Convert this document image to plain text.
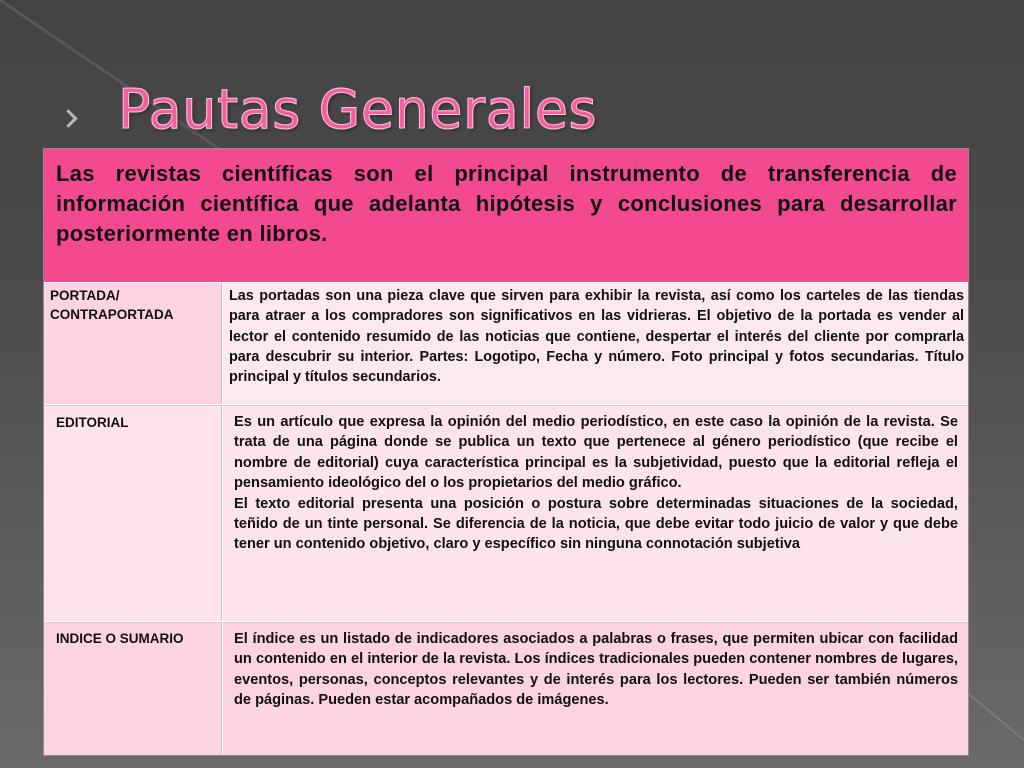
Pautas Generales
Las revistas científicas son el principal instrumento de transferencia de información científica que adelanta hipótesis y conclusiones para desarrollar posteriormente en libros.
PORTADA/ CONTRAPORTADA

Las portadas son una pieza clave que sirven para exhibir la revista, así como los carteles de las tiendas para atraer a los compradores son significativos en las vidrieras. El objetivo de la portada es vender al lector el contenido resumido de las noticias que contiene, despertar el interés del cliente por comprarla para descubrir su interior. Partes: Logotipo, Fecha y número. Foto principal y fotos secundarias. Título principal y títulos secundarios.

EDITORIAL	Es un artículo que expresa la opinión del medio periodístico, en este caso la opinión de la revista. Se trata de una página donde se publica un texto que pertenece al género periodístico (que recibe el nombre de editorial) cuya característica principal es la subjetividad, puesto que la editorial refleja el pensamiento ideológico del o los propietarios del medio gráfico.

El texto editorial presenta una posición o postura sobre determinadas situaciones de la sociedad, teñido de un tinte personal. Se diferencia de la noticia, que debe evitar todo juicio de valor y que debe tener un contenido objetivo, claro y específico sin ninguna connotación subjetiva

INDICE O SUMARIO	El índice es un listado de indicadores asociados a palabras o frases, que permiten ubicar con facilidad un contenido en el interior de la revista. Los índices tradicionales pueden contener nombres de lugares, eventos, personas, conceptos relevantes y de interés para los lectores. Pueden ser también números de páginas. Pueden estar acompañados de imágenes.
